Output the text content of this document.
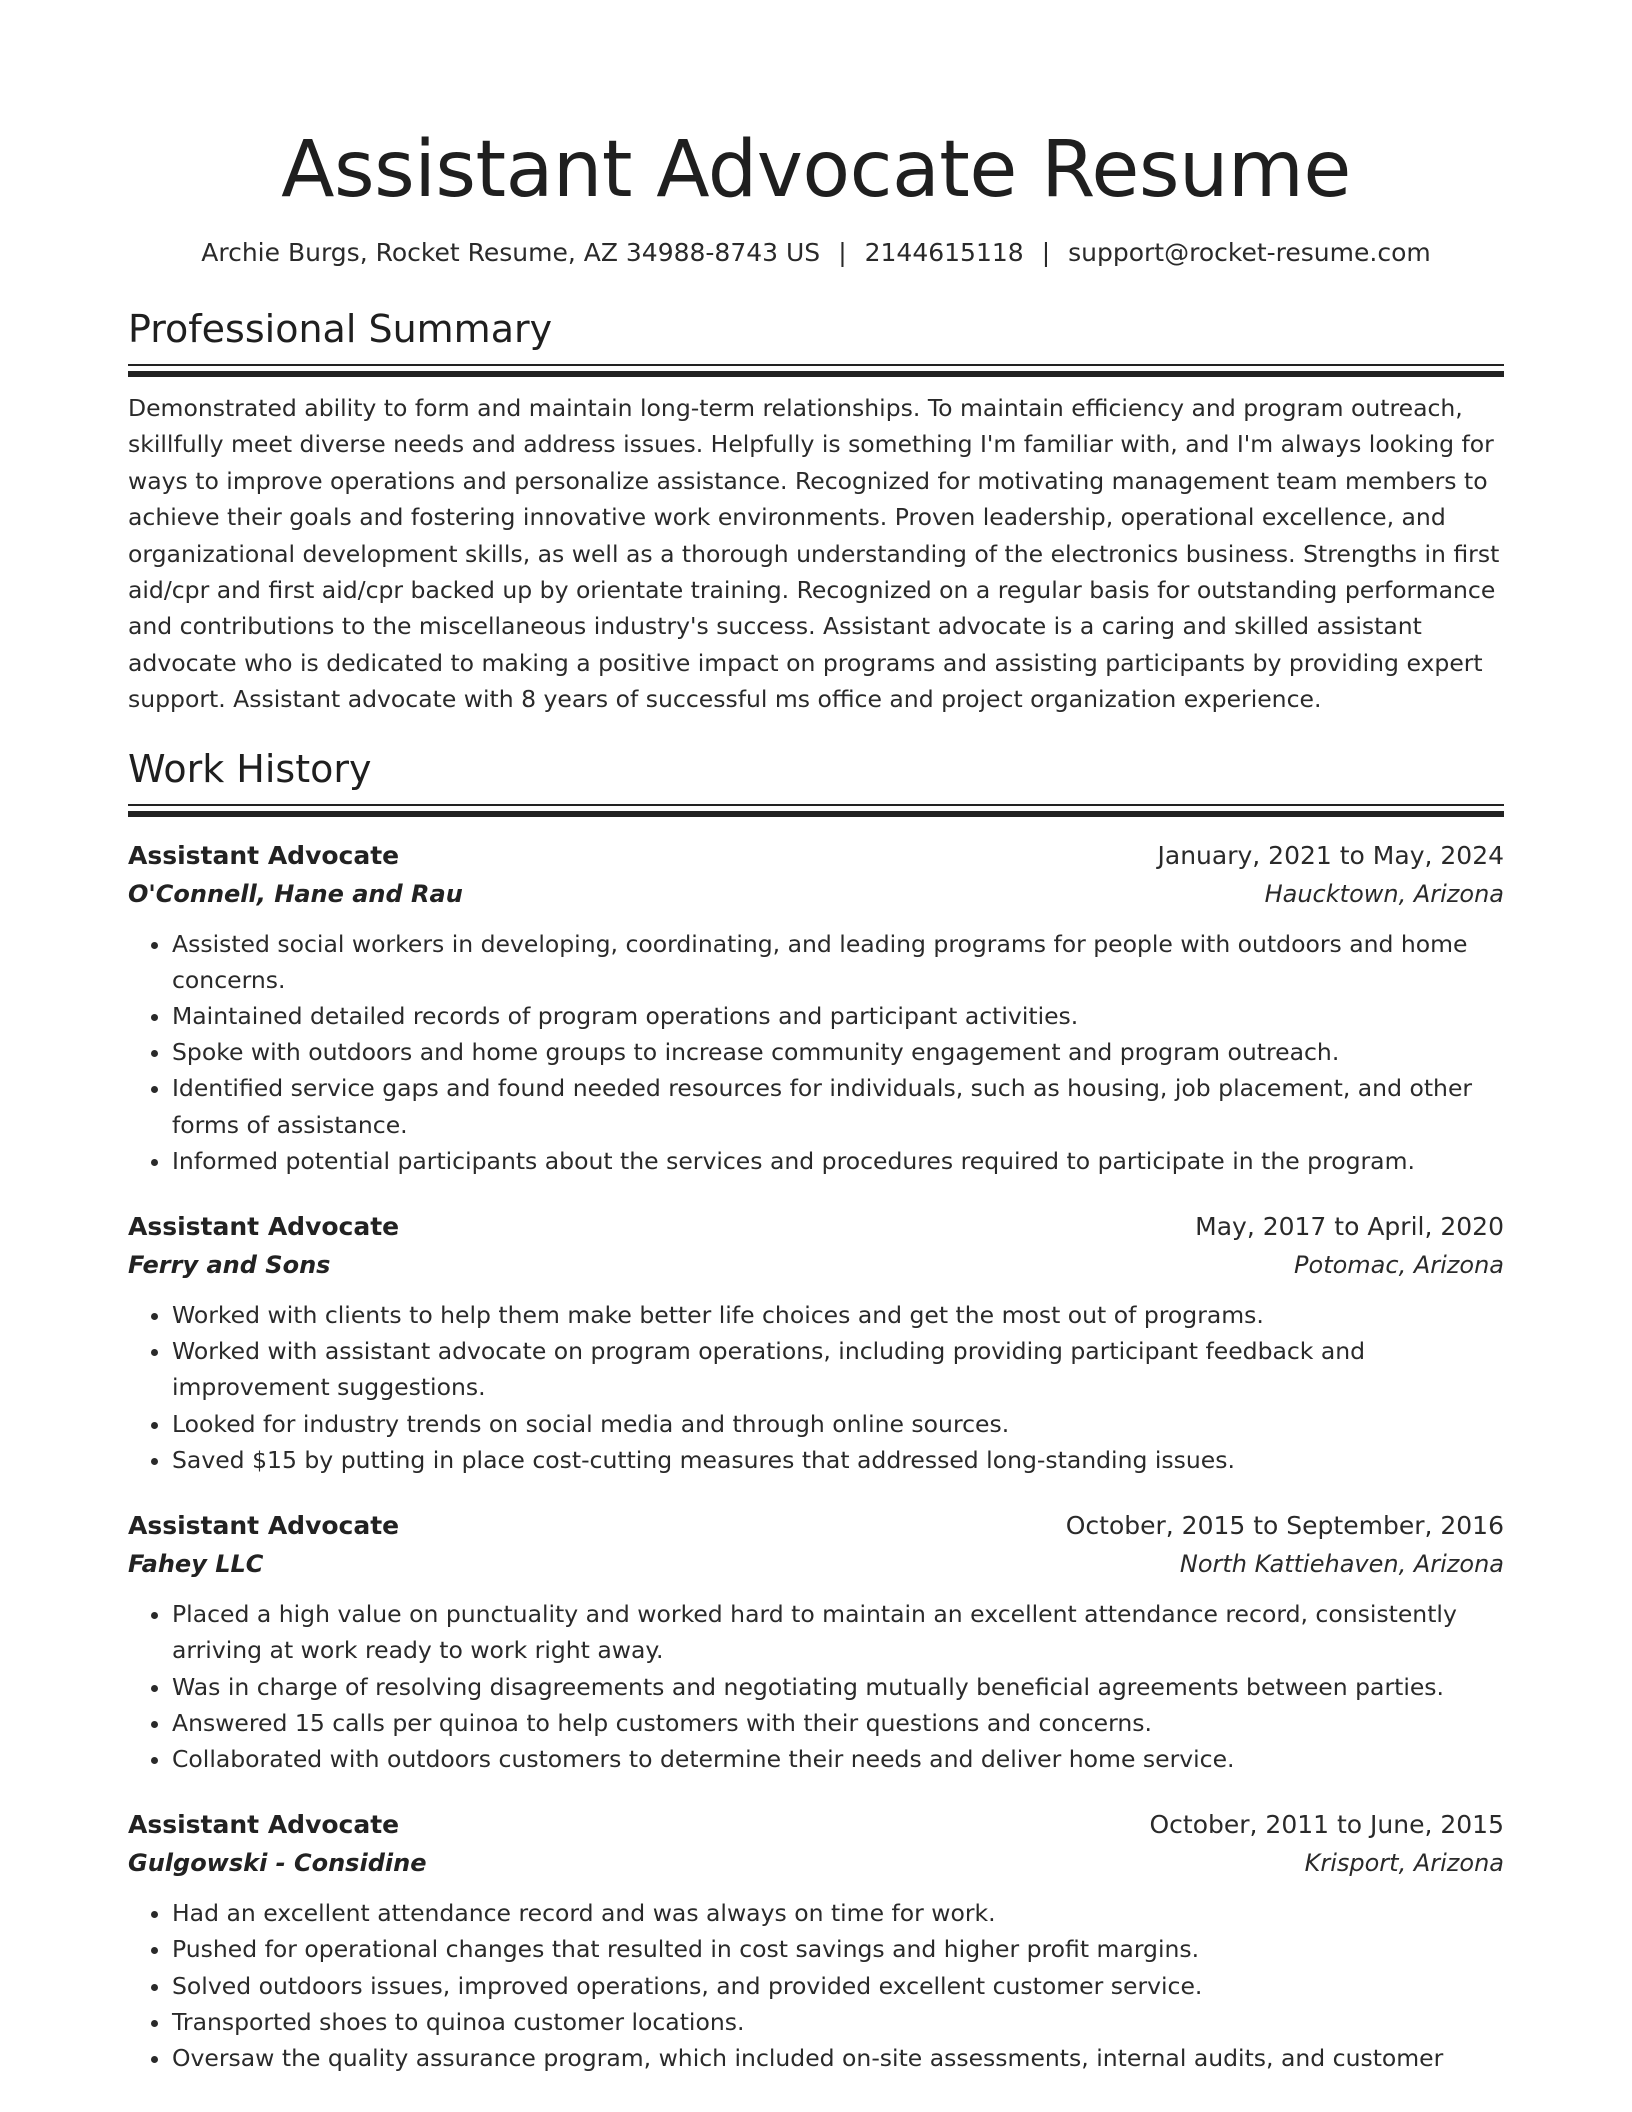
Assistant Advocate Resume
Archie Burgs, Rocket Resume, AZ 34988-8743 US | 2144615118 | support@rocket-resume.com
Professional Summary
Demonstrated ability to form and maintain long-term relationships. To maintain efficiency and program outreach, skillfully meet diverse needs and address issues. Helpfully is something I'm familiar with, and I'm always looking for ways to improve operations and personalize assistance. Recognized for motivating management team members to achieve their goals and fostering innovative work environments. Proven leadership, operational excellence, and organizational development skills, as well as a thorough understanding of the electronics business. Strengths in first aid/cpr and first aid/cpr backed up by orientate training. Recognized on a regular basis for outstanding performance and contributions to the miscellaneous industry's success. Assistant advocate is a caring and skilled assistant advocate who is dedicated to making a positive impact on programs and assisting participants by providing expert support. Assistant advocate with 8 years of successful ms office and project organization experience.
Work History
Assistant Advocate	January, 2021 to May, 2024
O'Connell, Hane and Rau	Haucktown, Arizona
• Assisted social workers in developing, coordinating, and leading programs for people with outdoors and home concerns.
• Maintained detailed records of program operations and participant activities.
• Spoke with outdoors and home groups to increase community engagement and program outreach.
• Identified service gaps and found needed resources for individuals, such as housing, job placement, and other forms of assistance.
• Informed potential participants about the services and procedures required to participate in the program.
Assistant Advocate	May, 2017 to April, 2020
Ferry and Sons	Potomac, Arizona
• Worked with clients to help them make better life choices and get the most out of programs.
• Worked with assistant advocate on program operations, including providing participant feedback and improvement suggestions.
• Looked for industry trends on social media and through online sources.
• Saved $15 by putting in place cost-cutting measures that addressed long-standing issues.
Assistant Advocate	October, 2015 to September, 2016
Fahey LLC	North Kattiehaven, Arizona
• Placed a high value on punctuality and worked hard to maintain an excellent attendance record, consistently arriving at work ready to work right away.
• Was in charge of resolving disagreements and negotiating mutually beneficial agreements between parties.
• Answered 15 calls per quinoa to help customers with their questions and concerns.
• Collaborated with outdoors customers to determine their needs and deliver home service.
Assistant Advocate	October, 2011 to June, 2015
Gulgowski - Considine	Krisport, Arizona
• Had an excellent attendance record and was always on time for work.
• Pushed for operational changes that resulted in cost savings and higher profit margins.
• Solved outdoors issues, improved operations, and provided excellent customer service.
• Transported shoes to quinoa customer locations.
• Oversaw the quality assurance program, which included on-site assessments, internal audits, and customer
